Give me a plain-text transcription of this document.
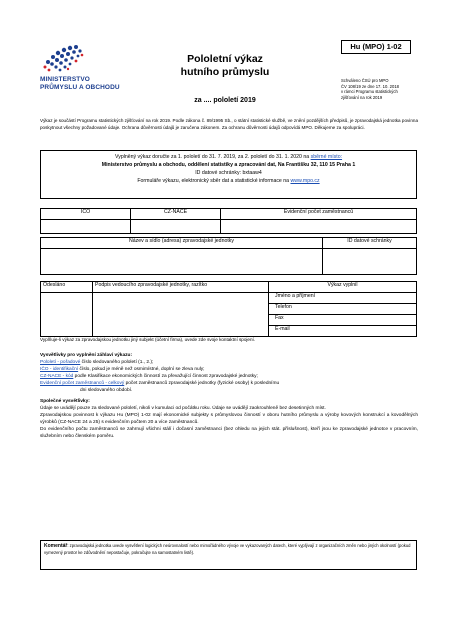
MINISTERSTVO
PRŮMYSLU A OBCHODU
Pololetní výkaz
hutního průmyslu
za .... pololetí 2019
Hu (MPO) 1-02
Schváleno ČSÚ pro MPO
ČV 108/19 ze dne 17. 10. 2018
v rámci Programu statistických
zjišťování na rok 2019
Výkaz je součástí Programu statistických zjišťování na rok 2019. Podle zákona č. 89/1995 Sb., o státní statistické službě, ve znění pozdějších předpisů, je zpravodajská jednotka povinna poskytnout všechny požadované údaje. Ochrana důvěrnosti údajů je zaručena zákonem. Za ochranu důvěrnosti údajů odpovídá MPO. Děkujeme za spolupráci.
Vyplněný výkaz doručte za 1. pololetí do 31. 7. 2019, za 2. pololetí do 31. 1. 2020 na sběrné místo:
Ministerstvo průmyslu a obchodu, oddělení statistiky a zpracování dat, Na Františku 32, 110 15 Praha 1
ID datové schránky: bxtaaw4
Formuláře výkazu, elektronický sběr dat a statistické informace na www.mpo.cz
IČO	CZ-NACE	Evidenční počet zaměstnanců

Název a sídlo (adresa) zpravodajské jednotky	ID datové schránky

Odesláno	Podpis vedoucího zpravodajské jednotky, razítko	Výkaz vyplnil
		Jméno a příjmení
		Telefon
		Fax
		E-mail
Vyplňuje-li výkaz za zpravodajskou jednotku jiný subjekt (účetní firma), uvede zde svoje kontaktní spojení.
Vysvětlivky pro vyplnění záhlaví výkazu:
Pololetí - pořadové číslo sledovaného pololetí (1., 2.);
IČO - identifikační číslo, pokud je méně než osmimístné, doplní se zleva nuly;
CZ-NACE - kód podle Klasifikace ekonomických činností za převažující činnost zpravodajské jednotky;
Evidenční počet zaměstnanců - celkový počet zaměstnanců zpravodajské jednotky (fyzické osoby) k poslednímu
dni sledovaného období.
Společné vysvětlivky:
Údaje se uvádějí pouze za sledované pololetí, nikoli v kumulaci od počátku roku. Údaje se uvádějí zaokrouhleně bez desetinných míst.
Zpravodajskou povinnost k výkazu Hu (MPO) 1-02 mají ekonomické subjekty s průmyslovou činností v oboru hutního průmyslu a výroby kovových konstrukcí a kovodělných výrobků (CZ-NACE 24 a 25) s evidenčním počtem 20 a více zaměstnanců.
Do evidenčního počtu zaměstnanců se zahrnují všichni stálí i dočasní zaměstnanci (bez ohledu na jejich stát. příslušnost), kteří jsou ke zpravodajské jednotce v pracovním, služebním nebo členském poměru.
Komentář: zpravodajská jednotka uvede vysvětlení logických neúrovnalostí nebo mimořádného vývoje ve vykazovaných datech, které vyplývají z organizačních změn nebo jiných okolností (pokud vymezený prostor ke zdůvodnění nepostačuje, pokračujte na samostatném listě).
